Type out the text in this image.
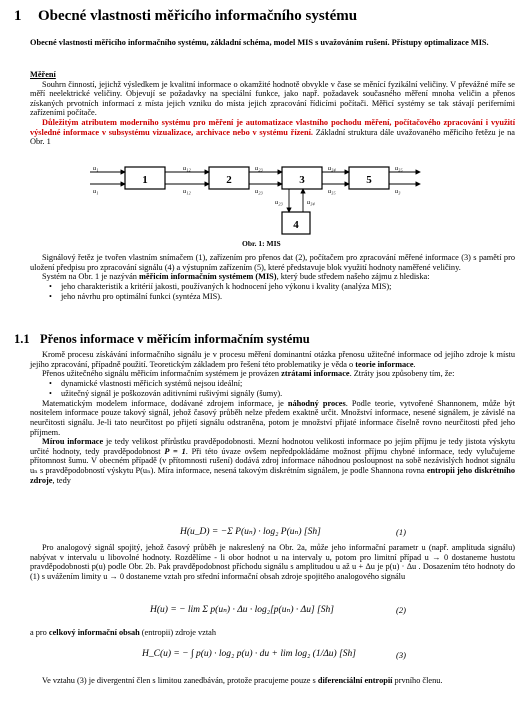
1 Obecné vlastnosti měřicího informačního systému
Obecné vlastnosti měřicího informačního systému, základní schéma, model MIS s uvažováním rušení. Přístupy optimalizace MIS.
Měření
Souhrn činností, jejichž výsledkem je kvalitní informace o okamžité hodnotě obvykle v čase se měnící fyzikální veličiny. V převážné míře se měří neelektrické veličiny. Objevují se požadavky na speciální funkce, jako např. požadavek současného měření mnoha veličin a přenos získaných prvotních informací z místa jejich vzniku do místa jejich zpracování řídicími počítači. Měřicí systémy se tak stávají periferními zařízeními počítače.
Důležitým atributem moderního systému pro měření je automatizace vlastního pochodu měření, počítačového zpracování i využití výsledné informace v subsystému vizualizace, archivace nebo v systému řízení. Základní struktura dále uvažovaného měřicího řetězu je na Obr. 1
1	2	3
4
5
u₁
u₁
u₁₂
u₁₂
u₂₃
u₂₃
u₂₃	u₃₄
u₃₄
u₃₅
u₃₅
u₃
Obr. 1: MIS
Signálový řetěz je tvořen vlastním snímačem (1), zařízením pro přenos dat (2), počítačem pro zpracování měřené informace (3) s pamětí pro uložení předpisu pro zpracování signálu (4) a výstupním zařízením (5), které představuje blok využití hodnoty naměřené veličiny.
Systém na Obr. 1 je nazýván měřicím informačním systémem (MIS), který bude středem našeho zájmu z hlediska:
• jeho charakteristik a kritérií jakosti, používaných k hodnocení jeho výkonu i kvality (analýza MIS);
• jeho návrhu pro optimální funkci (syntéza MIS).
1.1 Přenos informace v měřicím informačním systému
Kromě procesu získávání informačního signálu je v procesu měření dominantní otázka přenosu užitečné informace od jejího zdroje k místu jejího zpracování, případně použití. Teoretickým základem pro řešení této problematiky je věda o teorie informace.
Přenos užitečného signálu měřicím informačním systémem je provázen ztrátami informace. Ztráty jsou způsobeny tím, že:
• dynamické vlastnosti měřicích systémů nejsou ideální;
• užitečný signál je poškozován aditivními rušivými signály (šumy).
Matematickým modelem informace, dodávané zdrojem informace, je náhodný proces. Podle teorie, vytvořené Shannonem, může být nositelem informace pouze takový signál, jehož časový průběh nelze předem exaktně určit. Množství informace, nesené signálem, je závislé na neurčitosti signálu. Je-li tato neurčitost po přijetí signálu odstraněna, potom je množství přijaté informace číselně rovno neurčitosti před jeho příjmem.
Mírou informace je tedy velikost přírůstku pravděpodobnosti. Mezní hodnotou velikosti informace po jejím příjmu je tedy jistota výskytu určité hodnoty, tedy pravděpodobnost P = 1. Při této úvaze ovšem nepředpokládáme možnost příjmu chybné informace, tedy vylučujeme přítomnost šumu. V obecném případě (v přítomnosti rušení) dodává zdroj informace náhodnou posloupnost na sobě nezávislých hodnot signálu uₙ s pravděpodobností výskytu P(uₙ). Míra informace, nesená takovým diskrétním signálem, je podle Shannona rovna entropii jeho diskrétního zdroje, tedy
H(u_D) = −Σ P(uₙ) · log₂ P(uₙ) [Sh]	(1)
Pro analogový signál spojitý, jehož časový průběh je nakreslený na Obr. 2a, může jeho informační parametr u (např. amplituda signálu) nabývat v intervalu u libovolné hodnoty. Rozdělíme - li obor hodnot u na intervaly u, potom pro limitní případ u → 0 dostaneme hustotu pravděpodobnosti p(u) podle Obr. 2b. Pak pravděpodobnost příchodu signálu s amplitudou u až u + Δu je p(u) · Δu . Dosazením této hodnoty do (1) s uvážením limity u → 0 dostaneme vztah pro střední informační obsah zdroje spojitého analogového signálu
H(u) = − lim Σ p(uₙ) · Δu · log₂[p(uₙ) · Δu] [Sh]	(2)
a pro celkový informační obsah (entropii) zdroje vztah
H_C(u) = − ∫ p(u) · log₂ p(u) · du + lim log₂ (1/Δu) [Sh]	(3)
Ve vztahu (3) je divergentní člen s limitou zanedbáván, protože pracujeme pouze s diferenciální entropií prvního členu.
